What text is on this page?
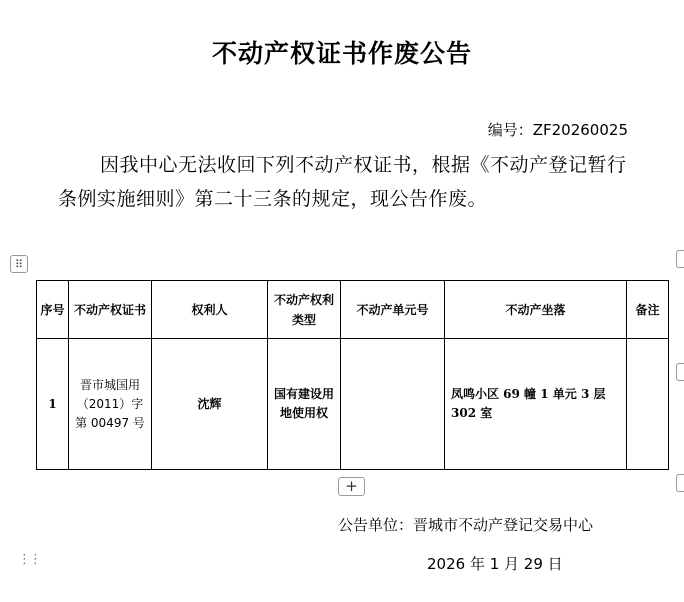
不动产权证书作废公告
编号：ZF20260025
因我中心无法收回下列不动产权证书，根据《不动产登记暂行条例实施细则》第二十三条的规定，现公告作废。
⠿
序号	不动产权证书	权利人	不动产权利类型	不动产单元号	不动产坐落	备注
1	晋市城国用（2011）字第 00497 号	沈辉	国有建设用地使用权		凤鸣小区 69 幢 1 单元 3 层 302 室	
+
公告单位：晋城市不动产登记交易中心
⋮⋮	2026 年 1 月 29 日
